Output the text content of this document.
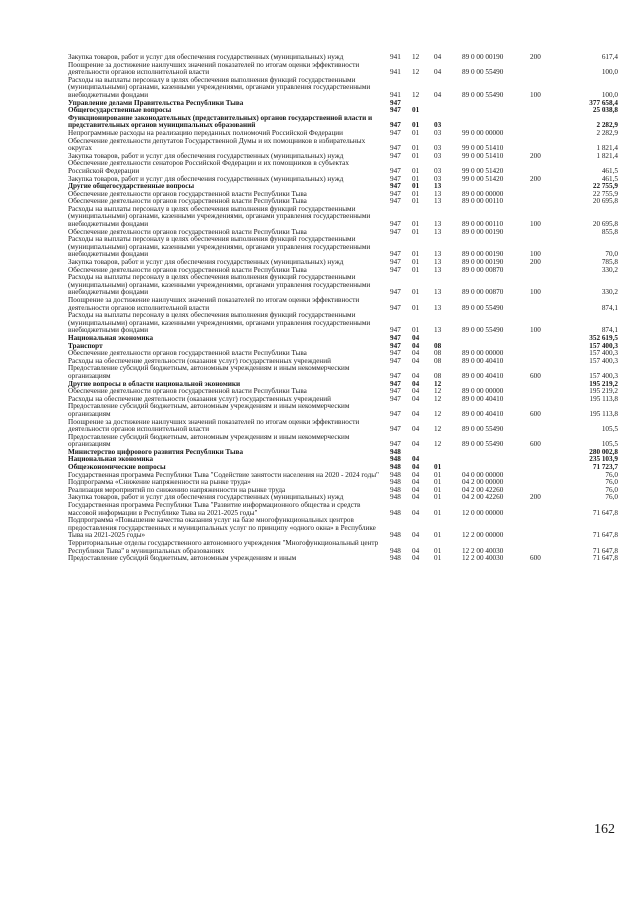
Закупка товаров, работ и услуг для обеспечения государственных (муниципальных) нужд	941	12	04	89 0 00 00190	200	617,4
Поощрение за достижение наилучших значений показателей по итогам оценки эффективности деятельности органов исполнительной власти	941	12	04	89 0 00 55490	100,0
Расходы на выплаты персоналу в целях обеспечения выполнения функций государственными (муниципальными) органами, казенными учреждениями, органами управления государственными внебюджетными фондами	941	12	04	89 0 00 55490	100	100,0
Управление делами Правительства Республики Тыва	947	377 658,4
Общегосударственные вопросы	947	01	25 038,8
Функционирование законодательных (представительных) органов государственной власти и представительных органов муниципальных образований	947	01	03	2 282,9
Непрограммные расходы на реализацию переданных полномочий Российской Федерации	947	01	03	99 0 00 00000	2 282,9
Обеспечение деятельности депутатов Государственной Думы и их помощников в избирательных округах	947	01	03	99 0 00 51410	1 821,4
Закупка товаров, работ и услуг для обеспечения государственных (муниципальных) нужд	947	01	03	99 0 00 51410	200	1 821,4
Обеспечение деятельности сенаторов Российской Федерации и их помощников в субъектах Российской Федерации	947	01	03	99 0 00 51420	461,5
Закупка товаров, работ и услуг для обеспечения государственных (муниципальных) нужд	947	01	03	99 0 00 51420	200	461,5
Другие общегосударственные вопросы	947	01	13	22 755,9
Обеспечение деятельности органов государственной власти Республики Тыва	947	01	13	89 0 00 00000	22 755,9
Обеспечение деятельности органов государственной власти Республики Тыва	947	01	13	89 0 00 00110	20 695,8
Расходы на выплаты персоналу в целях обеспечения выполнения функций государственными (муниципальными) органами, казенными учреждениями, органами управления государственными внебюджетными фондами	947	01	13	89 0 00 00110	100	20 695,8
Обеспечение деятельности органов государственной власти Республики Тыва	947	01	13	89 0 00 00190	855,8
Расходы на выплаты персоналу в целях обеспечения выполнения функций государственными (муниципальными) органами, казенными учреждениями, органами управления государственными внебюджетными фондами	947	01	13	89 0 00 00190	100	70,0
Закупка товаров, работ и услуг для обеспечения государственных (муниципальных) нужд	947	01	13	89 0 00 00190	200	785,8
Обеспечение деятельности органов государственной власти Республики Тыва	947	01	13	89 0 00 00870	330,2
Расходы на выплаты персоналу в целях обеспечения выполнения функций государственными (муниципальными) органами, казенными учреждениями, органами управления государственными внебюджетными фондами	947	01	13	89 0 00 00870	100	330,2
Поощрение за достижение наилучших значений показателей по итогам оценки эффективности деятельности органов исполнительной власти	947	01	13	89 0 00 55490	874,1
Расходы на выплаты персоналу в целях обеспечения выполнения функций государственными (муниципальными) органами, казенными учреждениями, органами управления государственными внебюджетными фондами	947	01	13	89 0 00 55490	100	874,1
Национальная экономика	947	04	352 619,5
Транспорт	947	04	08	157 400,3
Обеспечение деятельности органов государственной власти Республики Тыва	947	04	08	89 0 00 00000	157 400,3
Расходы на обеспечение деятельности (оказания услуг) государственных учреждений	947	04	08	89 0 00 40410	157 400,3
Предоставление субсидий бюджетным, автономным учреждениям и иным некоммерческим организациям	947	04	08	89 0 00 40410	600	157 400,3
Другие вопросы в области национальной экономики	947	04	12	195 219,2
Обеспечение деятельности органов государственной власти Республики Тыва	947	04	12	89 0 00 00000	195 219,2
Расходы на обеспечение деятельности (оказания услуг) государственных учреждений	947	04	12	89 0 00 40410	195 113,8
Предоставление субсидий бюджетным, автономным учреждениям и иным некоммерческим организациям	947	04	12	89 0 00 40410	600	195 113,8
Поощрение за достижение наилучших значений показателей по итогам оценки эффективности деятельности органов исполнительной власти	947	04	12	89 0 00 55490	105,5
Предоставление субсидий бюджетным, автономным учреждениям и иным некоммерческим организациям	947	04	12	89 0 00 55490	600	105,5
Министерство цифрового развития Республики Тыва	948	280 002,8
Национальная экономика	948	04	235 103,9
Общеэкономические вопросы	948	04	01	71 723,7
Государственная программа Республики Тыва "Содействие занятости населения на 2020 - 2024 годы"	948	04	01	04 0 00 00000	76,0
Подпрограмма «Снижение напряженности на рынке труда»	948	04	01	04 2 00 00000	76,0
Реализация мероприятий по снижению напряженности на рынке труда	948	04	01	04 2 00 42260	76,0
Закупка товаров, работ и услуг для обеспечения государственных (муниципальных) нужд	948	04	01	04 2 00 42260	200	76,0
Государственная программа Республики Тыва "Развитие информационного общества и средств массовой информации в Республике Тыва на 2021-2025 годы"	948	04	01	12 0 00 00000	71 647,8
Подпрограмма «Повышение качества оказания услуг на базе многофункциональных центров предоставления государственных и муниципальных услуг по принципу «одного окна» в Республике Тыва на 2021-2025 годы»	948	04	01	12 2 00 00000	71 647,8
Территориальные отделы государственного автономного учреждения "Многофункциональный центр Республики Тыва" в муниципальных образованиях	948	04	01	12 2 00 40030	71 647,8
Предоставление субсидий бюджетным, автономным учреждениям и иным	948	04	01	12 2 00 40030	600	71 647,8
162
